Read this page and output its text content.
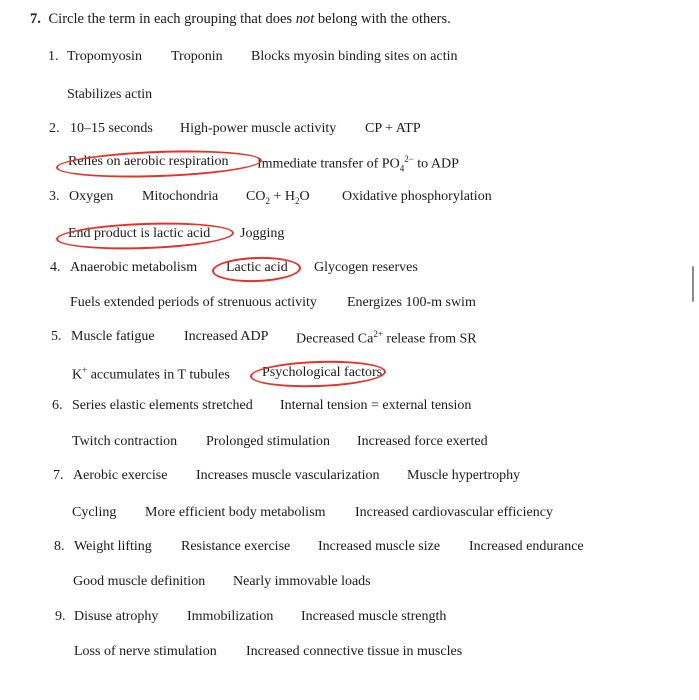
7. Circle the term in each grouping that does not belong with the others.
1. Tropomyosin Troponin Blocks myosin binding sites on actin
Stabilizes actin
2. 10–15 seconds High-power muscle activity CP + ATP
Relies on aerobic respiration Immediate transfer of $PO_4^{2-}$ to ADP
3. Oxygen Mitochondria $CO_2 + H_2O$ Oxidative phosphorylation
End product is lactic acid Jogging
4. Anaerobic metabolism Lactic acid Glycogen reserves
Fuels extended periods of strenuous activity Energizes 100-m swim
5. Muscle fatigue Increased ADP Decreased $Ca^{2+}$ release from SR
K+ accumulates in T tubules Psychological factors
6. Series elastic elements stretched Internal tension = external tension
Twitch contraction Prolonged stimulation Increased force exerted
7. Aerobic exercise Increases muscle vascularization Muscle hypertrophy
Cycling More efficient body metabolism Increased cardiovascular efficiency
8. Weight lifting Resistance exercise Increased muscle size Increased endurance
Good muscle definition Nearly immovable loads
9. Disuse atrophy Immobilization Increased muscle strength
Loss of nerve stimulation Increased connective tissue in muscles
